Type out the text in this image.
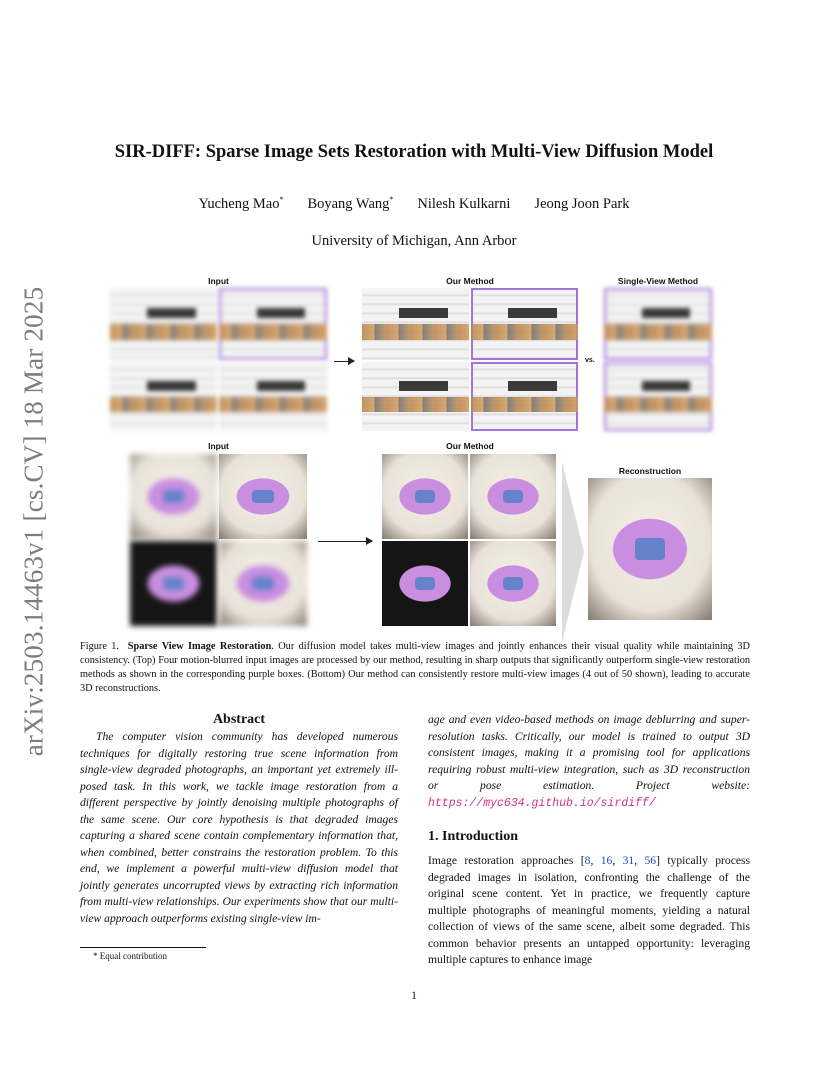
arXiv:2503.14463v1 [cs.CV] 18 Mar 2025
SIR-DIFF: Sparse Image Sets Restoration with Multi-View Diffusion Model
Yucheng Mao* Boyang Wang* Nilesh Kulkarni Jeong Joon Park
University of Michigan, Ann Arbor
Input	Our Method	Single-View Method
vs.
Input	Our Method
Reconstruction
Figure 1. Sparse View Image Restoration. Our diffusion model takes multi-view images and jointly enhances their visual quality while maintaining 3D consistency. (Top) Four motion-blurred input images are processed by our method, resulting in sharp outputs that significantly outperform single-view restoration methods as shown in the corresponding purple boxes. (Bottom) Our method can consistently restore multi-view images (4 out of 50 shown), leading to accurate 3D reconstructions.
Abstract
The computer vision community has developed numerous techniques for digitally restoring true scene information from single-view degraded photographs, an important yet extremely ill-posed task. In this work, we tackle image restoration from a different perspective by jointly denoising multiple photographs of the same scene. Our core hypothesis is that degraded images capturing a shared scene contain complementary information that, when combined, better constrains the restoration problem. To this end, we implement a powerful multi-view diffusion model that jointly generates uncorrupted views by extracting rich information from multi-view relationships. Our experiments show that our multi-view approach outperforms existing single-view im-
* Equal contribution
age and even video-based methods on image deblurring and super-resolution tasks. Critically, our model is trained to output 3D consistent images, making it a promising tool for applications requiring robust multi-view integration, such as 3D reconstruction or pose estimation. Project website: https://myc634.github.io/sirdiff/
1. Introduction
Image restoration approaches [8, 16, 31, 56] typically process degraded images in isolation, confronting the challenge of the original scene content. Yet in practice, we frequently capture multiple photographs of meaningful moments, yielding a natural collection of views of the same scene, albeit some degraded. This common behavior presents an untapped opportunity: leveraging multiple captures to enhance image
1
